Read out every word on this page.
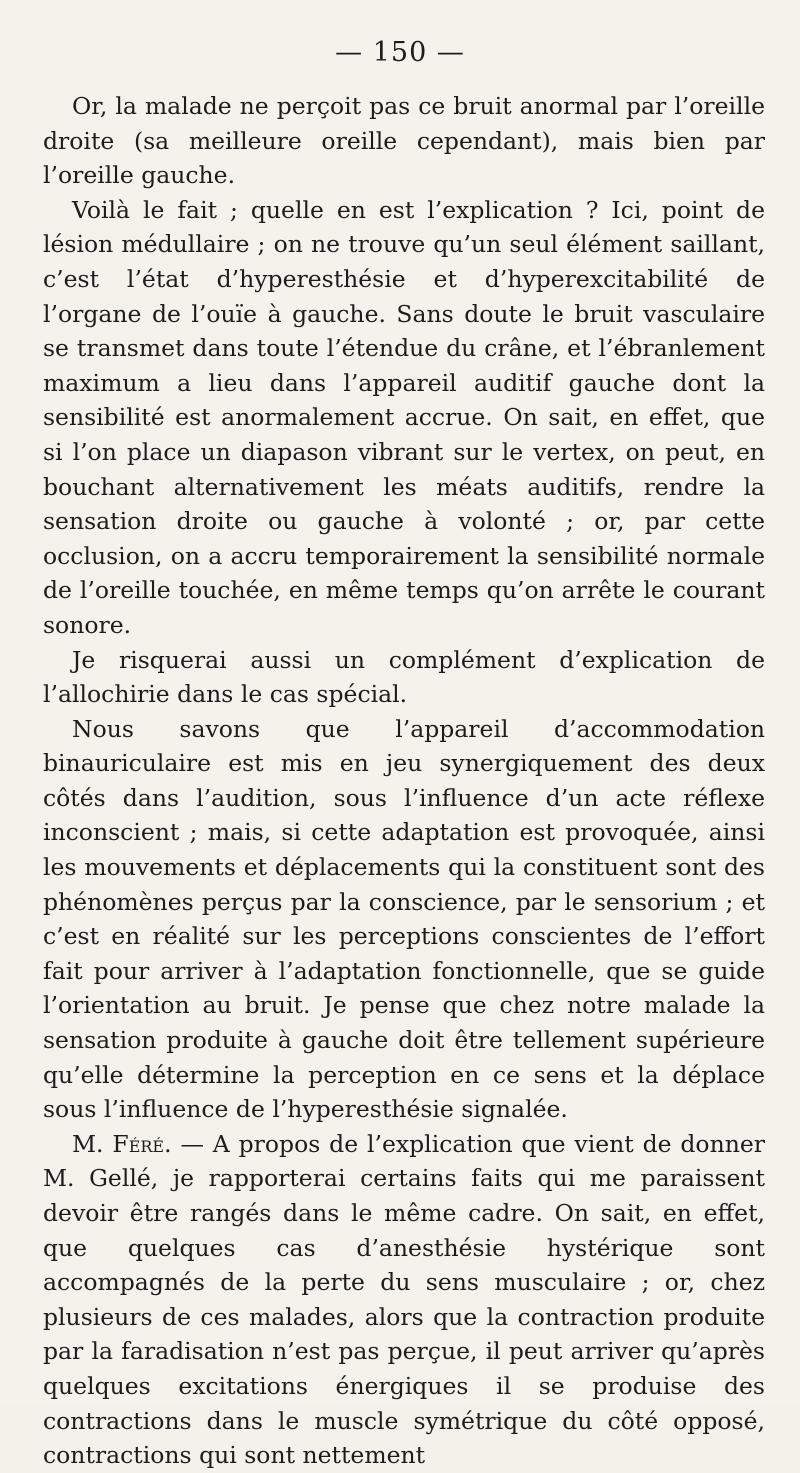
— 150 —

Or, la malade ne perçoit pas ce bruit anormal par l’oreille droite (sa meilleure oreille cependant), mais bien par l’oreille gauche.

Voilà le fait ; quelle en est l’explication ? Ici, point de lésion médullaire ; on ne trouve qu’un seul élément saillant, c’est l’état d’hyperesthésie et d’hyperexcitabilité de l’organe de l’ouïe à gauche. Sans doute le bruit vasculaire se transmet dans toute l’étendue du crâne, et l’ébranlement maximum a lieu dans l’appareil auditif gauche dont la sensibilité est anormalement accrue. On sait, en effet, que si l’on place un diapason vibrant sur le vertex, on peut, en bouchant alternativement les méats auditifs, rendre la sensation droite ou gauche à volonté ; or, par cette occlusion, on a accru temporairement la sensibilité normale de l’oreille touchée, en même temps qu’on arrête le courant sonore.

Je risquerai aussi un complément d’explication de l’allochirie dans le cas spécial.

Nous savons que l’appareil d’accommodation binauriculaire est mis en jeu synergiquement des deux côtés dans l’audition, sous l’influence d’un acte réflexe inconscient ; mais, si cette adaptation est provoquée, ainsi les mouvements et déplacements qui la constituent sont des phénomènes perçus par la conscience, par le sensorium ; et c’est en réalité sur les perceptions conscientes de l’effort fait pour arriver à l’adaptation fonctionnelle, que se guide l’orientation au bruit. Je pense que chez notre malade la sensation produite à gauche doit être tellement supérieure qu’elle détermine la perception en ce sens et la déplace sous l’influence de l’hyperesthésie signalée.

M. Féré. — A propos de l’explication que vient de donner M. Gellé, je rapporterai certains faits qui me paraissent devoir être rangés dans le même cadre. On sait, en effet, que quelques cas d’anesthésie hystérique sont accompagnés de la perte du sens musculaire ; or, chez plusieurs de ces malades, alors que la contraction produite par la faradisation n’est pas perçue, il peut arriver qu’après quelques excitations énergiques il se produise des contractions dans le muscle symétrique du côté opposé, contractions qui sont nettement
